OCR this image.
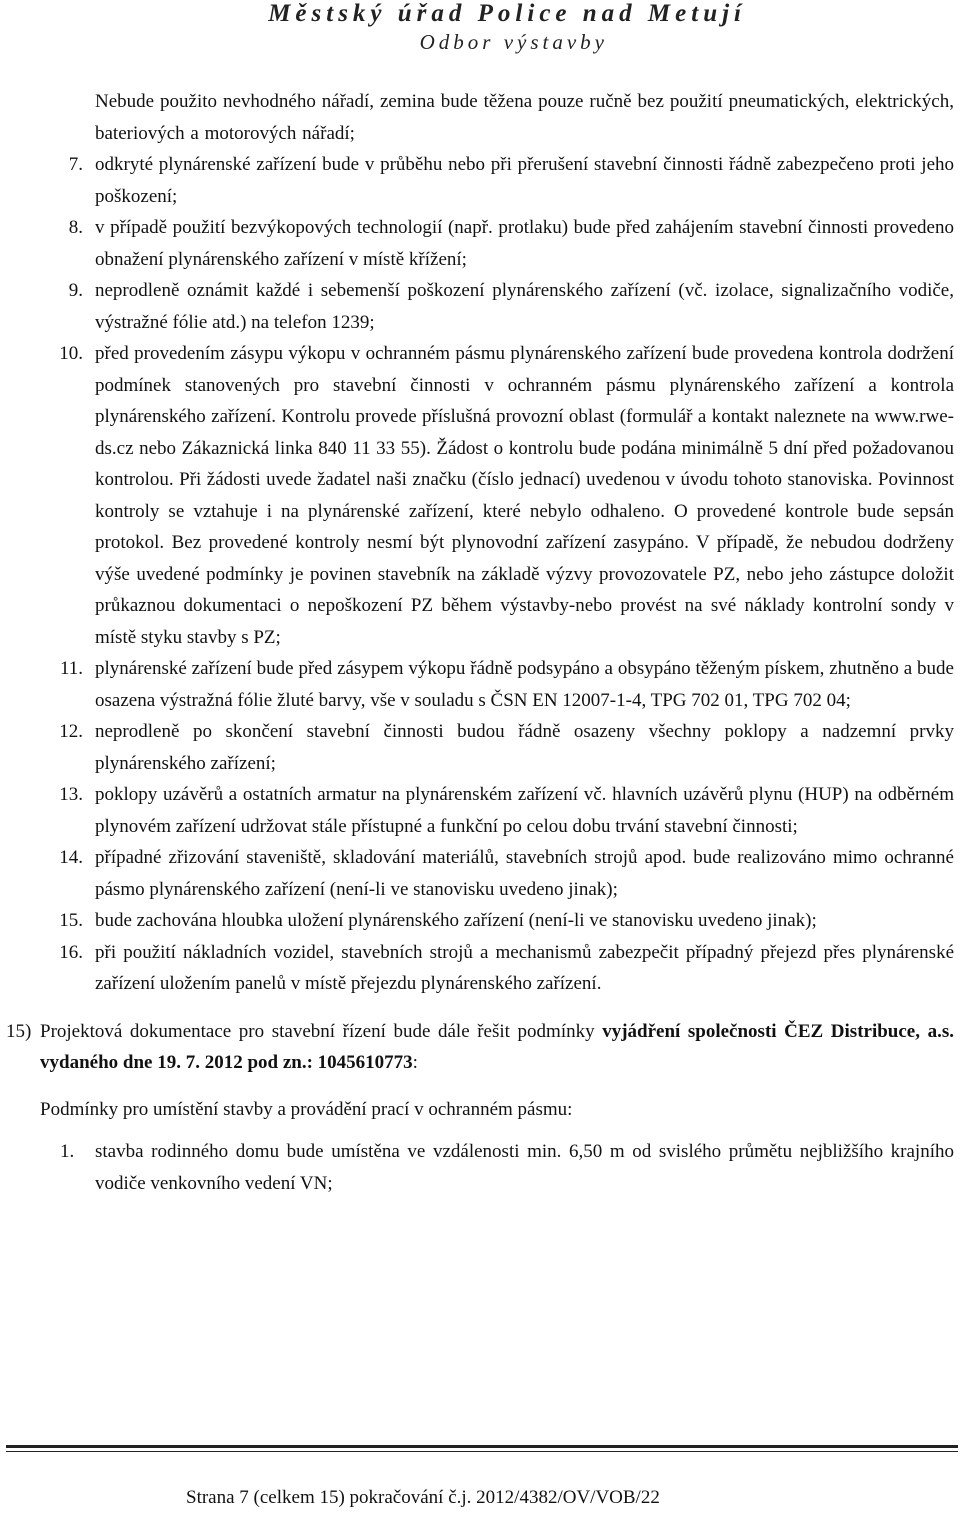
Městský úřad Police nad Metují
Odbor výstavby

Nebude použito nevhodného nářadí, zemina bude těžena pouze ručně bez použití pneumatických, elektrických, bateriových a motorových nářadí;

7. odkryté plynárenské zařízení bude v průběhu nebo při přerušení stavební činnosti řádně zabezpečeno proti jeho poškození;
8. v případě použití bezvýkopových technologií (např. protlaku) bude před zahájením stavební činnosti provedeno obnažení plynárenského zařízení v místě křížení;
9. neprodleně oznámit každé i sebemenší poškození plynárenského zařízení (vč. izolace, signalizačního vodiče, výstražné fólie atd.) na telefon 1239;
10. před provedením zásypu výkopu v ochranném pásmu plynárenského zařízení bude provedena kontrola dodržení podmínek stanovených pro stavební činnosti v ochranném pásmu plynárenského zařízení a kontrola plynárenského zařízení. Kontrolu provede příslušná provozní oblast (formulář a kontakt naleznete na www.rwe-ds.cz nebo Zákaznická linka 840 11 33 55). Žádost o kontrolu bude podána minimálně 5 dní před požadovanou kontrolou. Při žádosti uvede žadatel naši značku (číslo jednací) uvedenou v úvodu tohoto stanoviska. Povinnost kontroly se vztahuje i na plynárenské zařízení, které nebylo odhaleno. O provedené kontrole bude sepsán protokol. Bez provedené kontroly nesmí být plynovodní zařízení zasypáno. V případě, že nebudou dodrženy výše uvedené podmínky je povinen stavebník na základě výzvy provozovatele PZ, nebo jeho zástupce doložit průkaznou dokumentaci o nepoškození PZ během výstavby-nebo provést na své náklady kontrolní sondy v místě styku stavby s PZ;
11. plynárenské zařízení bude před zásypem výkopu řádně podsypáno a obsypáno těženým pískem, zhutněno a bude osazena výstražná fólie žluté barvy, vše v souladu s ČSN EN 12007-1-4, TPG 702 01, TPG 702 04;
12. neprodleně po skončení stavební činnosti budou řádně osazeny všechny poklopy a nadzemní prvky plynárenského zařízení;
13. poklopy uzávěrů a ostatních armatur na plynárenském zařízení vč. hlavních uzávěrů plynu (HUP) na odběrném plynovém zařízení udržovat stále přístupné a funkční po celou dobu trvání stavební činnosti;
14. případné zřizování staveniště, skladování materiálů, stavebních strojů apod. bude realizováno mimo ochranné pásmo plynárenského zařízení (není-li ve stanovisku uvedeno jinak);
15. bude zachována hloubka uložení plynárenského zařízení (není-li ve stanovisku uvedeno jinak);
16. při použití nákladních vozidel, stavebních strojů a mechanismů zabezpečit případný přejezd přes plynárenské zařízení uložením panelů v místě přejezdu plynárenského zařízení.
15) Projektová dokumentace pro stavební řízení bude dále řešit podmínky vyjádření společnosti ČEZ Distribuce, a.s. vydaného dne 19. 7. 2012 pod zn.: 1045610773:
Podmínky pro umístění stavby a provádění prací v ochranném pásmu:
1.	stavba rodinného domu bude umístěna ve vzdálenosti min. 6,50 m od svislého průmětu nejbližšího krajního vodiče venkovního vedení VN;
Strana 7 (celkem 15) pokračování č.j. 2012/4382/OV/VOB/22
